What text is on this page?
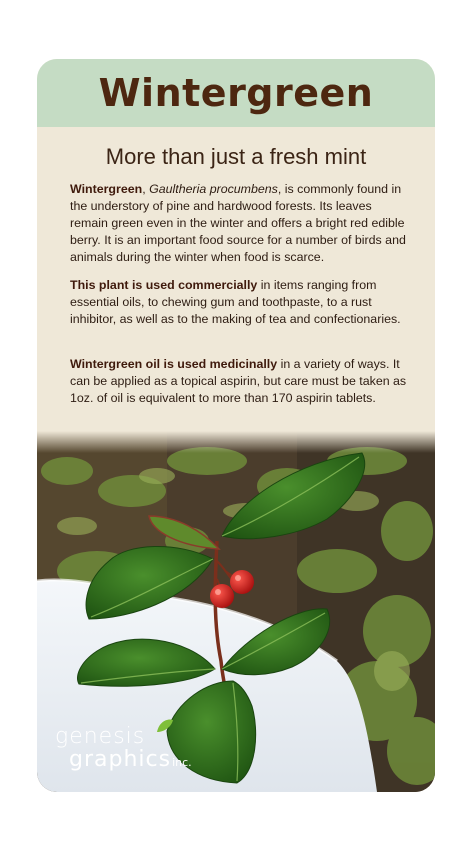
Wintergreen
More than just a fresh mint

Wintergreen, Gaultheria procumbens, is commonly found in the understory of pine and hardwood forests. Its leaves remain green even in the winter and offers a bright red edible berry. It is an important food source for a number of birds and animals during the winter when food is scarce.

This plant is used commercially in items ranging from essential oils, to chewing gum and toothpaste, to a rust inhibitor, as well as to the making of tea and confectionaries.

Wintergreen oil is used medicinally in a variety of ways. It can be applied as a topical aspirin, but care must be taken as 1oz. of oil is equivalent to more than 170 aspirin tablets.

genesis
graphicsinc.
